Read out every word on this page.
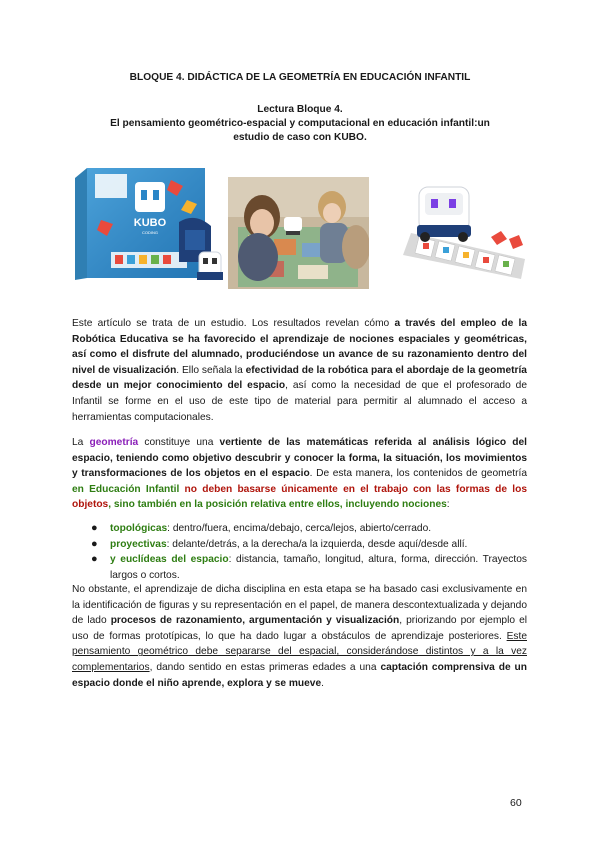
BLOQUE 4. DIDÁCTICA DE LA GEOMETRÍA EN EDUCACIÓN INFANTIL

Lectura Bloque 4.

El pensamiento geométrico-espacial y computacional en educación infantil:un

estudio de caso con KUBO.

KUBO
CODING

Este artículo se trata de un estudio. Los resultados revelan cómo a través del empleo de la Robótica Educativa se ha favorecido el aprendizaje de nociones espaciales y geométricas, así como el disfrute del alumnado, produciéndose un avance de su razonamiento dentro del nivel de visualización. Ello señala la efectividad de la robótica para el abordaje de la geometría desde un mejor conocimiento del espacio, así como la necesidad de que el profesorado de Infantil se forme en el uso de este tipo de material para permitir al alumnado el acceso a herramientas computacionales.

La geometría constituye una vertiente de las matemáticas referida al análisis lógico del espacio, teniendo como objetivo descubrir y conocer la forma, la situación, los movimientos y transformaciones de los objetos en el espacio. De esta manera, los contenidos de geometría en Educación Infantil no deben basarse únicamente en el trabajo con las formas de los objetos, sino también en la posición relativa entre ellos, incluyendo nociones:

● topológicas: dentro/fuera, encima/debajo, cerca/lejos, abierto/cerrado.
● proyectivas: delante/detrás, a la derecha/a la izquierda, desde aquí/desde allí.
● y euclídeas del espacio: distancia, tamaño, longitud, altura, forma, dirección. Trayectos largos o cortos.

No obstante, el aprendizaje de dicha disciplina en esta etapa se ha basado casi exclusivamente en la identificación de figuras y su representación en el papel, de manera descontextualizada y dejando de lado procesos de razonamiento, argumentación y visualización, priorizando por ejemplo el uso de formas prototípicas, lo que ha dado lugar a obstáculos de aprendizaje posteriores. Este pensamiento geométrico debe separarse del espacial, considerándose distintos y a la vez complementarios, dando sentido en estas primeras edades a una captación comprensiva de un espacio donde el niño aprende, explora y se mueve.

60
